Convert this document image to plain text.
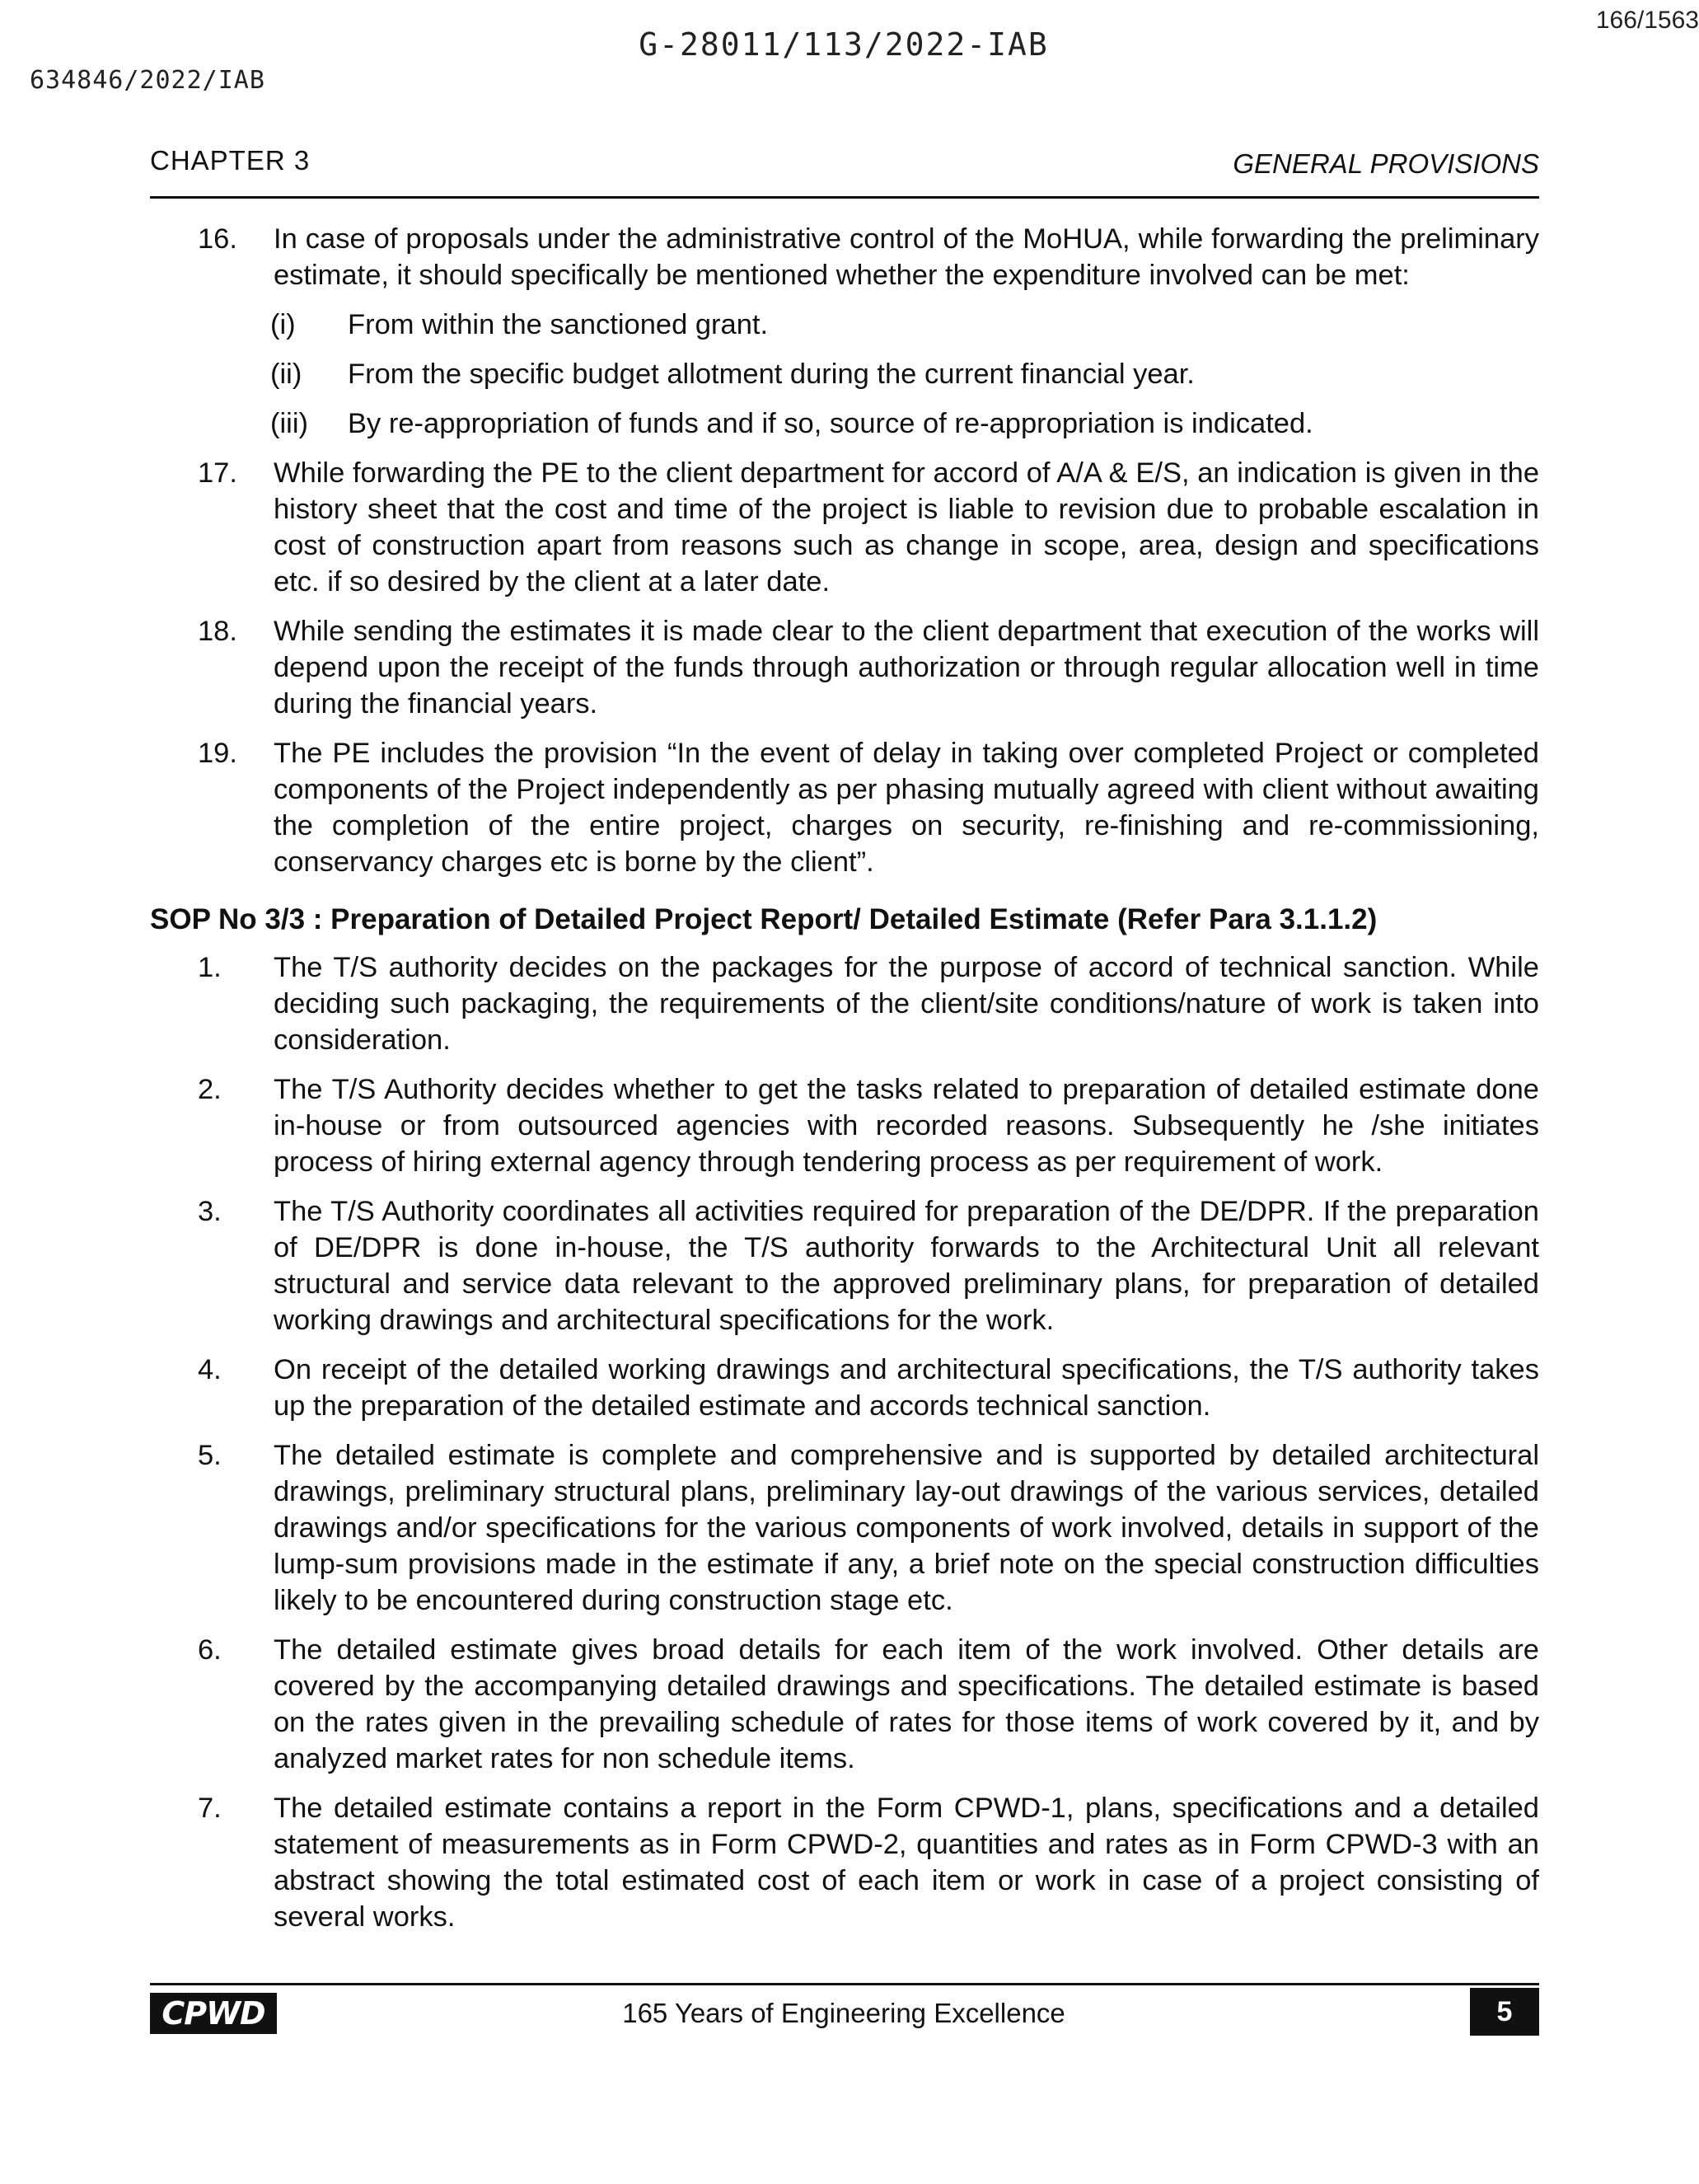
G-28011/113/2022-IAB
166/1563
634846/2022/IAB
CHAPTER 3	GENERAL PROVISIONS
16. In case of proposals under the administrative control of the MoHUA, while forwarding the preliminary estimate, it should specifically be mentioned whether the expenditure involved can be met:
(i) From within the sanctioned grant.
(ii) From the specific budget allotment during the current financial year.
(iii) By re-appropriation of funds and if so, source of re-appropriation is indicated.
17. While forwarding the PE to the client department for accord of A/A & E/S, an indication is given in the history sheet that the cost and time of the project is liable to revision due to probable escalation in cost of construction apart from reasons such as change in scope, area, design and specifications etc. if so desired by the client at a later date.
18. While sending the estimates it is made clear to the client department that execution of the works will depend upon the receipt of the funds through authorization or through regular allocation well in time during the financial years.
19. The PE includes the provision “In the event of delay in taking over completed Project or completed components of the Project independently as per phasing mutually agreed with client without awaiting the completion of the entire project, charges on security, re-finishing and re-commissioning, conservancy charges etc is borne by the client”.
SOP No 3/3 : Preparation of Detailed Project Report/ Detailed Estimate (Refer Para 3.1.1.2)
1. The T/S authority decides on the packages for the purpose of accord of technical sanction. While deciding such packaging, the requirements of the client/site conditions/nature of work is taken into consideration.
2. The T/S Authority decides whether to get the tasks related to preparation of detailed estimate done in-house or from outsourced agencies with recorded reasons. Subsequently he /she initiates process of hiring external agency through tendering process as per requirement of work.
3. The T/S Authority coordinates all activities required for preparation of the DE/DPR. If the preparation of DE/DPR is done in-house, the T/S authority forwards to the Architectural Unit all relevant structural and service data relevant to the approved preliminary plans, for preparation of detailed working drawings and architectural specifications for the work.
4. On receipt of the detailed working drawings and architectural specifications, the T/S authority takes up the preparation of the detailed estimate and accords technical sanction.
5. The detailed estimate is complete and comprehensive and is supported by detailed architectural drawings, preliminary structural plans, preliminary lay-out drawings of the various services, detailed drawings and/or specifications for the various components of work involved, details in support of the lump-sum provisions made in the estimate if any, a brief note on the special construction difficulties likely to be encountered during construction stage etc.
6. The detailed estimate gives broad details for each item of the work involved. Other details are covered by the accompanying detailed drawings and specifications. The detailed estimate is based on the rates given in the prevailing schedule of rates for those items of work covered by it, and by analyzed market rates for non schedule items.
7. The detailed estimate contains a report in the Form CPWD-1, plans, specifications and a detailed statement of measurements as in Form CPWD-2, quantities and rates as in Form CPWD-3 with an abstract showing the total estimated cost of each item or work in case of a project consisting of several works.
CPWD	165 Years of Engineering Excellence	5
